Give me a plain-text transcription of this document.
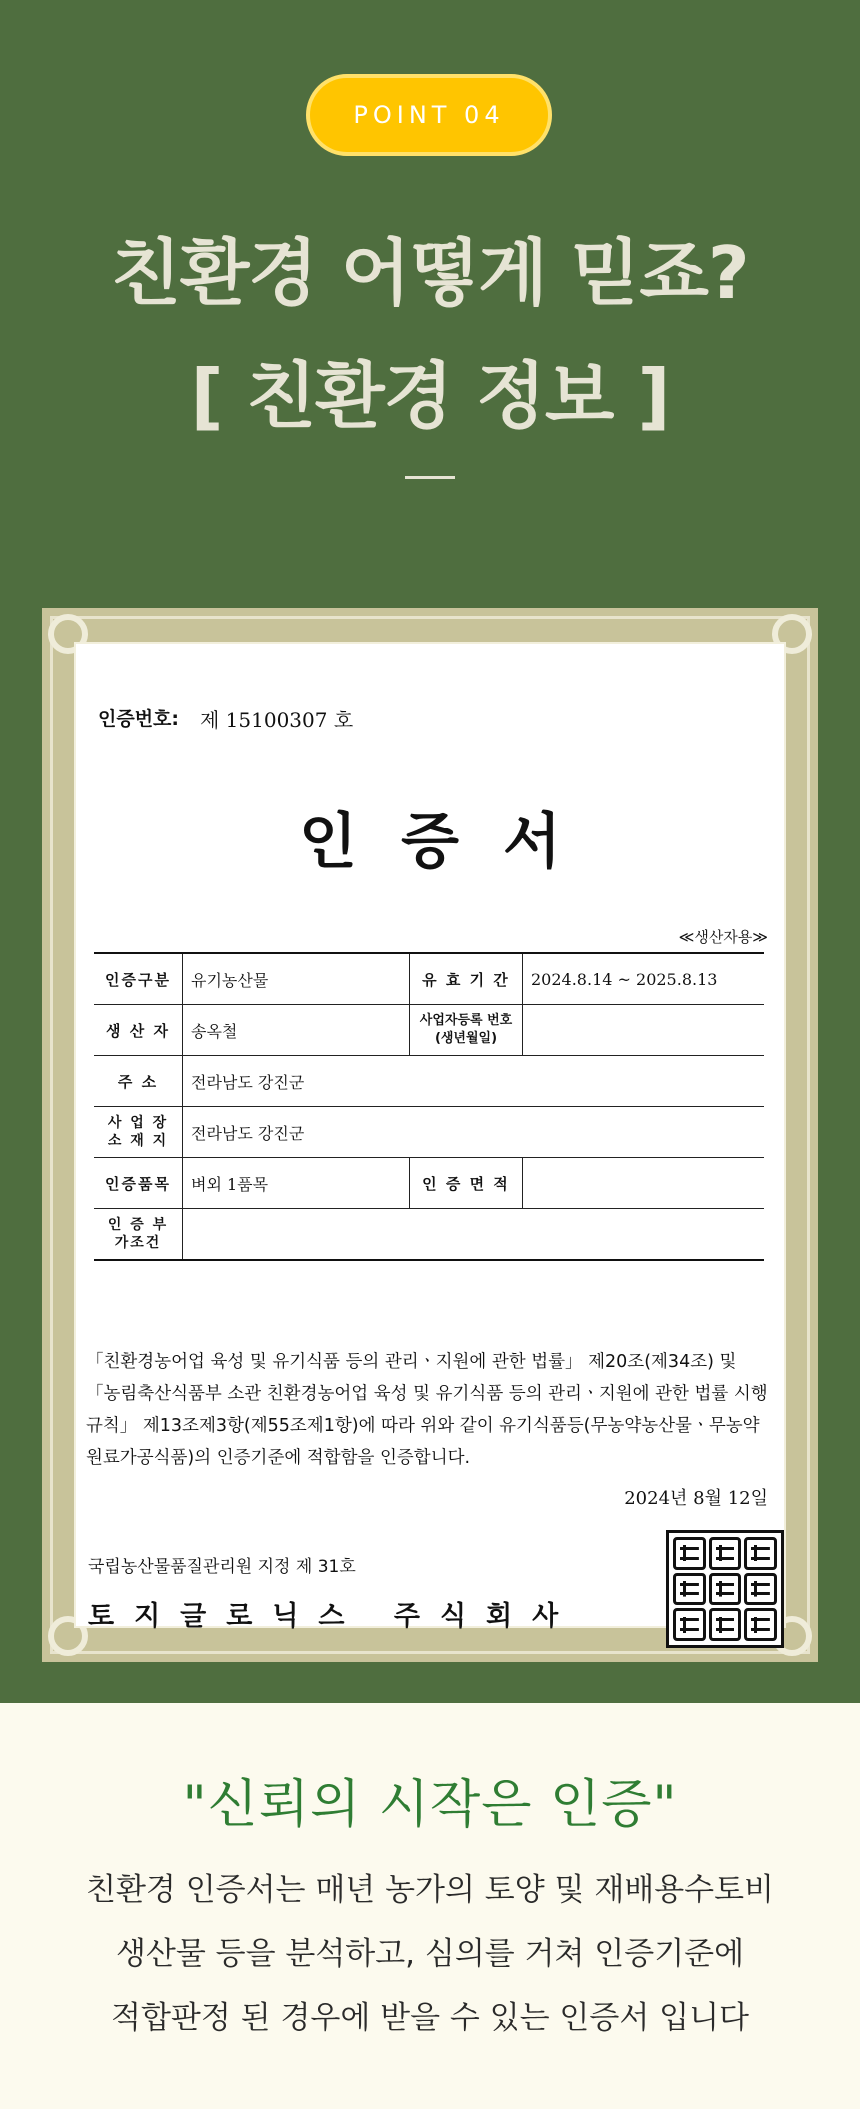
POINT 04
친환경 어떻게 믿죠?
[ 친환경 정보 ]
인증번호: 제 15100307 호
인증서
≪생산자용≫
인증구분	유기농산물	유 효 기 간	2024.8.14 ~ 2025.8.13
생 산 자	송옥철	사업자등록 번호(생년월일)	
주 소	전라남도 강진군		
사 업 장 소 재 지	전라남도 강진군		
인증품목	벼외 1품목	인 증 면 적	
인 증 부가조건			
「친환경농어업 육성 및 유기식품 등의 관리ㆍ지원에 관한 법률」 제20조(제34조) 및 「농림축산식품부 소관 친환경농어업 육성 및 유기식품 등의 관리ㆍ지원에 관한 법률 시행규칙」 제13조제3항(제55조제1항)에 따라 위와 같이 유기식품등(무농약농산물ㆍ무농약원료가공식품)의 인증기준에 적합함을 인증합니다.
2024년 8월 12일
국립농산물품질관리원 지정 제 31호
토지글로닉스 주식회사
"신뢰의 시작은 인증"
친환경 인증서는 매년 농가의 토양 및 재배용수토비
생산물 등을 분석하고, 심의를 거쳐 인증기준에
적합판정 된 경우에 받을 수 있는 인증서 입니다
